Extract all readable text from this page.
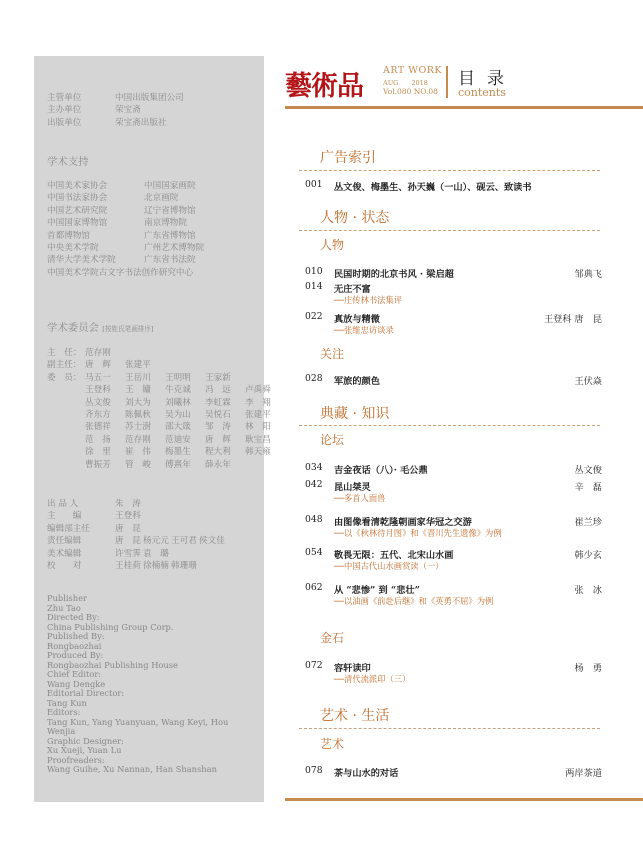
主管单位	中国出版集团公司
主办单位	荣宝斋
出版单位	荣宝斋出版社
学术支持
中国美术家协会	中国国家画院
中国书法家协会	北京画院
中国艺术研究院	辽宁省博物馆
中国国家博物馆	南京博物院
首都博物馆	广东省博物馆
中央美术学院	广州艺术博物院
清华大学美术学院	广东省书法院
中国美术学院古文字书法创作研究中心
学术委员会 [按姓氏笔画排序]
主　任： 范存刚
副主任： 唐　辉	张建平
委　员： 马五一	王岳川	王明明	王家新
王登科	王　镛	牛克诚	冯　远	卢禹舜
丛文俊	刘大为	刘曦林	李虹霖	李　翔
齐东方	陈佩秋	吴为山	吴悦石	张建平
张德祥	苏士澍	邵大箴	邹　涛	林　阳
范　扬	范存刚	范迪安	唐　辉	耿宝昌
徐　里	崔　伟	梅墨生	程大利	韩天雍
曹振芳	管　峻	傅熹年	薛永年
出 品 人	朱　涛
主　　编	王登科
编辑部主任	唐　昆
责任编辑	唐　昆 杨元元 王可君 侯文佳
美术编辑	许雪霁 袁　璐
校　　对	王桂荷 徐楠楠 韩珊珊
Publisher
Zhu Tao
Directed By:
China Publishing Group Corp.
Published By:
Rongbaozhai
Produced By:
Rongbaozhai Publishing House
Chief Editor:
Wang Dengke
Editorial Director:
Tang Kun
Editors:
Tang Kun, Yang Yuanyuan, Wang Keyi, Hou Wenjia
Graphic Designer:
Xu Xueji, Yuan Lu
Proofreaders:
Wang Guihe, Xu Nannan, Han Shanshan
藝術品
ART WORK
AUG　　2018
Vol.080 NO.08
目录
contents
广告索引
001 丛文俊、梅墨生、孙天巍（一山）、砚云、致读书
人物 · 状态
人物
010 民国时期的北京书风 · 梁启超	邹典飞
014 无庄不富
──庄传林书法集评
022 真放与精微	王登科 唐　昆
──张维忠访谈录
关注
028 军旅的颜色	王伏焱
典藏 · 知识
论坛
034 吉金夜话（八）· 毛公鼎	丛文俊
042 昆山桀灵	辛　磊
──多首人面兽
048 由图像看清乾隆朝画家华冠之交游	崔兰珍
──以《秋林待月图》和《晋川先生遗像》为例
054 敬畏无限：五代、北宋山水画	韩少玄
──中国古代山水画赏读（一）
062 从 “悲惨” 到 “悲壮”	张　冰
──以油画《前赴后继》和《英勇不屈》为例
金石
072 容轩读印	杨　勇
──清代流派印（三）
艺术 · 生活
艺术
078 茶与山水的对话	两岸茶道
